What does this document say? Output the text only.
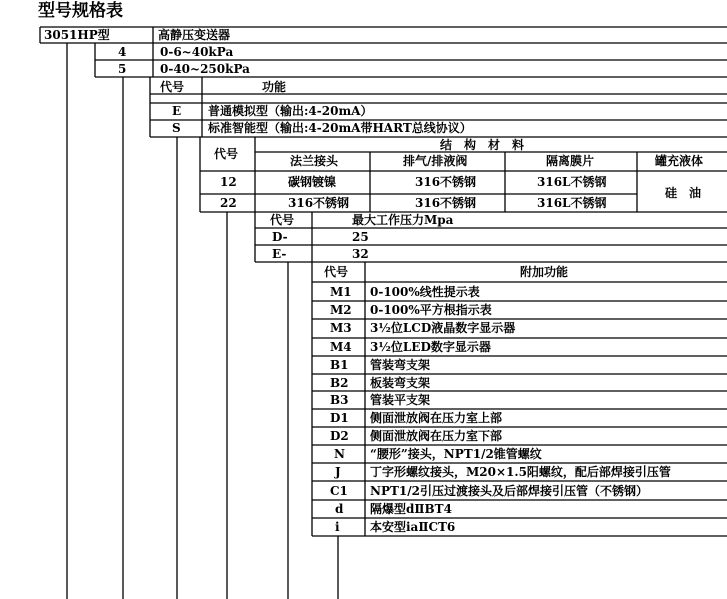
型号规格表
3051HP型	高静压变送器
4	0-6~40kPa
5	0-40~250kPa
代号	功能
E 普通模拟型（输出:4-20mA）
S 标准智能型（输出:4-20mA带HART总线协议）
结　构　材　料
代号	法兰接头	排气/排液阀	隔离膜片	罐充液体
12	碳钢镀镍	316不锈钢	316L不锈钢
22	316不锈钢	316不锈钢	316L不锈钢
硅　油
代号	最大工作压力Mpa
D-	25
E-	32
代号	附加功能
M1 0-100%线性提示表
M2 0-100%平方根指示表
M3 3½位LCD液晶数字显示器
M4 3½位LED数字显示器
B1 管装弯支架
B2 板装弯支架
B3 管装平支架
D1 侧面泄放阀在压力室上部
D2 侧面泄放阀在压力室下部
N “腰形”接头，NPT1/2锥管螺纹
J 丁字形螺纹接头，M20×1.5阳螺纹，配后部焊接引压管
C1 NPT1/2引压过渡接头及后部焊接引压管（不锈钢）
d 隔爆型dⅡBT4
i	本安型iaⅡCT6
